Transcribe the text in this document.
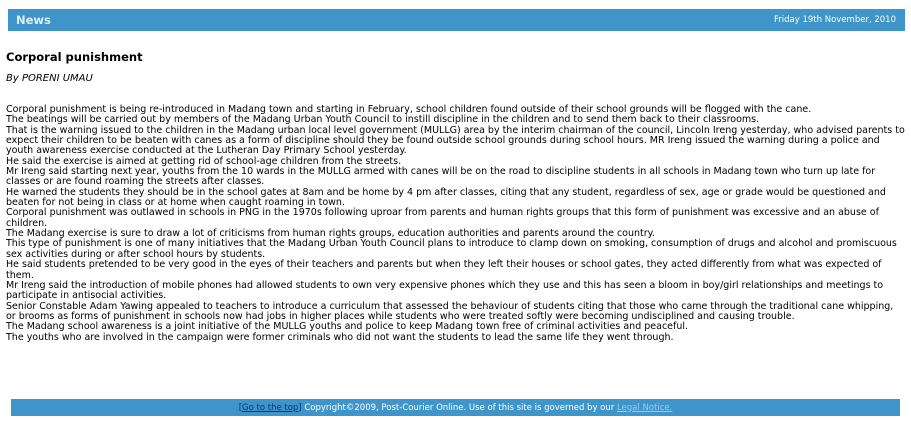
News	Friday 19th November, 2010
Corporal punishment

By PORENI UMAU

Corporal punishment is being re-introduced in Madang town and starting in February, school children found outside of their school grounds will be flogged with the cane.

The beatings will be carried out by members of the Madang Urban Youth Council to instill discipline in the children and to send them back to their classrooms.

That is the warning issued to the children in the Madang urban local level government (MULLG) area by the interim chairman of the council, Lincoln Ireng yesterday, who advised parents to expect their children to be beaten with canes as a form of discipline should they be found outside school grounds during school hours. MR Ireng issued the warning during a police and youth awareness exercise conducted at the Lutheran Day Primary School yesterday.

He said the exercise is aimed at getting rid of school-age children from the streets.

Mr Ireng said starting next year, youths from the 10 wards in the MULLG armed with canes will be on the road to discipline students in all schools in Madang town who turn up late for classes or are found roaming the streets after classes.

He warned the students they should be in the school gates at 8am and be home by 4 pm after classes, citing that any student, regardless of sex, age or grade would be questioned and beaten for not being in class or at home when caught roaming in town.

Corporal punishment was outlawed in schools in PNG in the 1970s following uproar from parents and human rights groups that this form of punishment was excessive and an abuse of children.

The Madang exercise is sure to draw a lot of criticisms from human rights groups, education authorities and parents around the country.

This type of punishment is one of many initiatives that the Madang Urban Youth Council plans to introduce to clamp down on smoking, consumption of drugs and alcohol and promiscuous sex activities during or after school hours by students.

He said students pretended to be very good in the eyes of their teachers and parents but when they left their houses or school gates, they acted differently from what was expected of them.

Mr Ireng said the introduction of mobile phones had allowed students to own very expensive phones which they use and this has seen a bloom in boy/girl relationships and meetings to participate in antisocial activities.

Senior Constable Adam Yawing appealed to teachers to introduce a curriculum that assessed the behaviour of students citing that those who came through the traditional cane whipping, or brooms as forms of punishment in schools now had jobs in higher places while students who were treated softly were becoming undisciplined and causing trouble.

The Madang school awareness is a joint initiative of the MULLG youths and police to keep Madang town free of criminal activities and peaceful.

The youths who are involved in the campaign were former criminals who did not want the students to lead the same life they went through.

[ Go to the top ]
Copyright©2009, Post-Courier Online. Use of this site is governed by our
Legal Notice.
